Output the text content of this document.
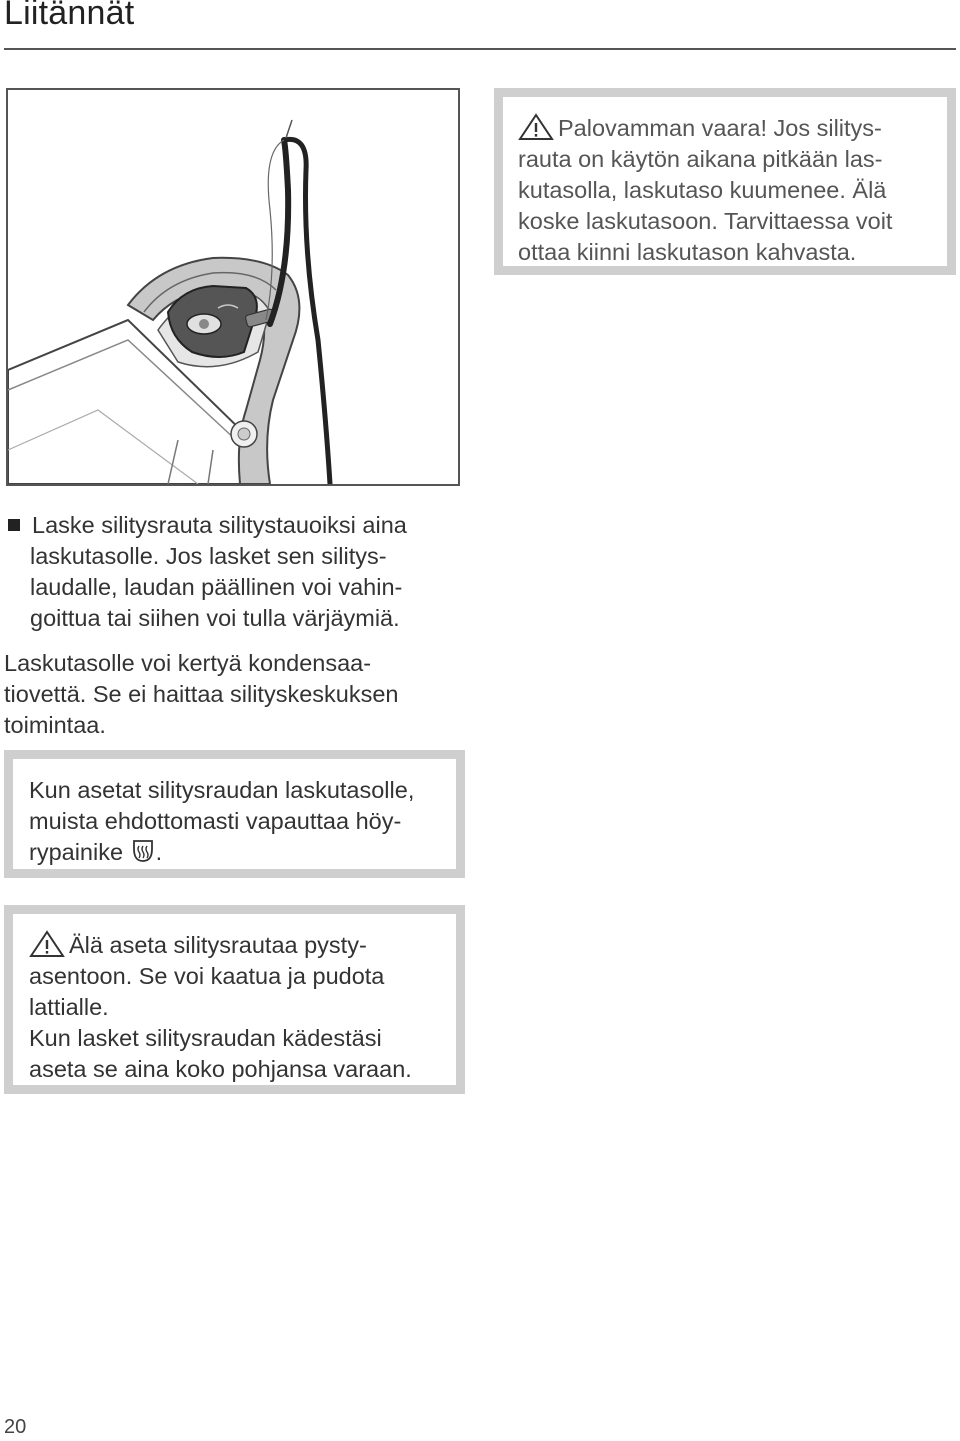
Liitännät
Palovamman vaara! Jos silitys-
rauta on käytön aikana pitkään las-
kutasolla, laskutaso kuumenee. Älä
koske laskutasoon. Tarvittaessa voit
ottaa kiinni laskutason kahvasta.
Laske silitysrauta silitystauoiksi aina
laskutasolle. Jos lasket sen silitys-
laudalle, laudan päällinen voi vahin-
goittua tai siihen voi tulla värjäymiä.
Laskutasolle voi kertyä kondensaa-
tiovettä. Se ei haittaa silityskeskuksen
toimintaa.
Kun asetat silitysraudan laskutasolle,
muista ehdottomasti vapauttaa höy-
rypainike .
Älä aseta silitysrautaa pysty-
asentoon. Se voi kaatua ja pudota
lattialle.
Kun lasket silitysraudan kädestäsi
aseta se aina koko pohjansa varaan.
20
